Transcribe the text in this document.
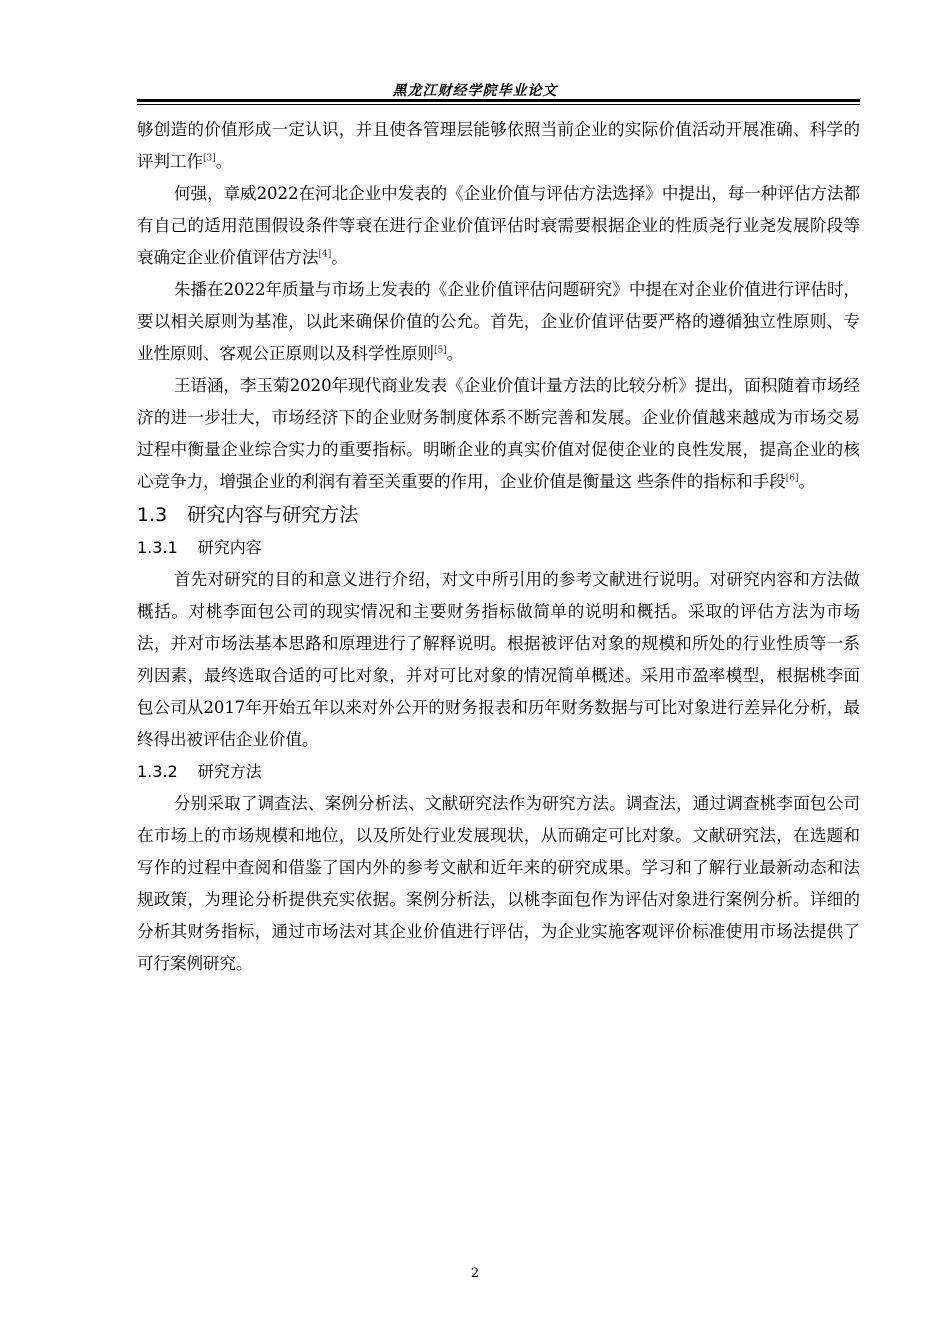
黑龙江财经学院毕业论文

够创造的价值形成一定认识，并且使各管理层能够依照当前企业的实际价值活动开展准确、科学的评判工作[3]。

何强，章威2022在河北企业中发表的《企业价值与评估方法选择》中提出，每一种评估方法都有自己的适用范围假设条件等衰在进行企业价值评估时衰需要根据企业的性质尧行业尧发展阶段等衰确定企业价值评估方法[4]。

朱播在2022年质量与市场上发表的《企业价值评估问题研究》中提在对企业价值进行评估时，要以相关原则为基准，以此来确保价值的公允。首先，企业价值评估要严格的遵循独立性原则、专业性原则、客观公正原则以及科学性原则[5]。

王语涵，李玉菊2020年现代商业发表《企业价值计量方法的比较分析》提出，面积随着市场经济的进一步壮大，市场经济下的企业财务制度体系不断完善和发展。企业价值越来越成为市场交易过程中衡量企业综合实力的重要指标。明晰企业的真实价值对促使企业的良性发展，提高企业的核心竞争力，增强企业的利润有着至关重要的作用，企业价值是衡量这 些条件的指标和手段[6]。

1.3 研究内容与研究方法
1.3.1 研究内容

首先对研究的目的和意义进行介绍，对文中所引用的参考文献进行说明。对研究内容和方法做概括。对桃李面包公司的现实情况和主要财务指标做简单的说明和概括。采取的评估方法为市场法，并对市场法基本思路和原理进行了解释说明。根据被评估对象的规模和所处的行业性质等一系列因素，最终选取合适的可比对象，并对可比对象的情况简单概述。采用市盈率模型，根据桃李面包公司从2017年开始五年以来对外公开的财务报表和历年财务数据与可比对象进行差异化分析，最终得出被评估企业价值。

1.3.2 研究方法

分别采取了调查法、案例分析法、文献研究法作为研究方法。调查法，通过调查桃李面包公司在市场上的市场规模和地位，以及所处行业发展现状，从而确定可比对象。文献研究法，在选题和写作的过程中查阅和借鉴了国内外的参考文献和近年来的研究成果。学习和了解行业最新动态和法规政策，为理论分析提供充实依据。案例分析法，以桃李面包作为评估对象进行案例分析。详细的分析其财务指标，通过市场法对其企业价值进行评估，为企业实施客观评价标准使用市场法提供了可行案例研究。

2
